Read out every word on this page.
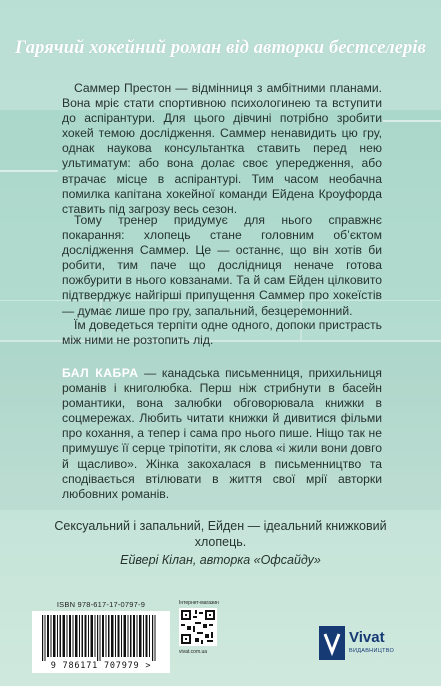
Гарячий хокейний роман від авторки бестселерів

Саммер Престон — відмінниця з амбітними планами. Вона мріє стати спортивною психологинею та вступити до аспірантури. Для цього дівчині потрібно зробити хокей темою дослідження. Саммер ненавидить цю гру, однак наукова консультантка ставить перед нею ультиматум: або вона долає своє упередження, або втрачає місце в аспірантурі. Тим часом необачна помилка капітана хокейної команди Ейдена Кроуфорда ставить під загрозу весь сезон.

Тому тренер придумує для нього справжнє покарання: хлопець стане головним об’єктом дослідження Саммер. Це — останнє, що він хотів би робити, тим паче що дослідниця неначе готова пожбурити в нього ковзанами. Та й сам Ейден цілковито підтверджує найгірші припущення Саммер про хокеїстів — думає лише про гру, запальний, безцеремонний.

Їм доведеться терпіти одне одного, допоки пристрасть між ними не розтопить лід.

БАЛ КАБРА — канадська письменниця, прихильниця романів і книголюбка. Перш ніж стрибнути в басейн романтики, вона залюбки обговорювала книжки в соцмережах. Любить читати книжки й дивитися фільми про кохання, а тепер і сама про нього пише. Ніщо так не примушує її серце тріпотіти, як слова «і жили вони довго й щасливо». Жінка закохалася в письменництво та сподівається втілювати в життя свої мрії авторки любовних романів.
Сексуальний і запальний, Ейден — ідеальний книжковий хлопець.
Ейвері Кілан, авторка «Офсайду»
ISBN 978-617-17-0797-9
9 786171 707979 >
Інтернет-магазин
vivat.com.ua
Vivat
ВИДАВНИЦТВО
